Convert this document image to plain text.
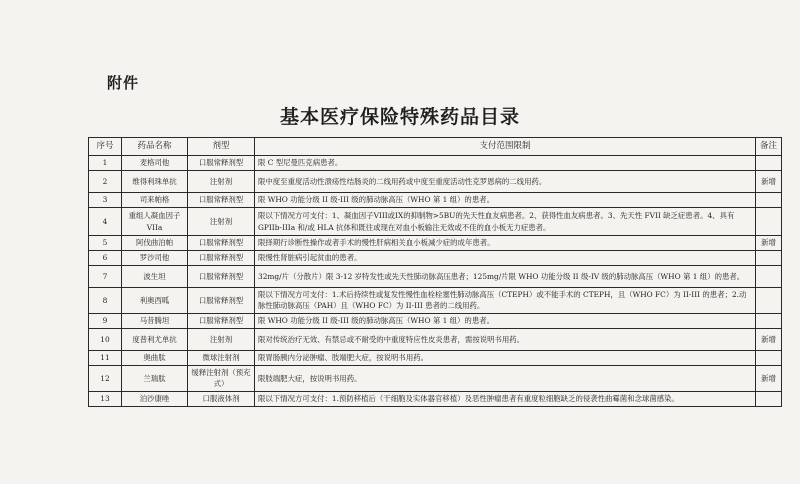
附件
基本医疗保险特殊药品目录
序号	药品名称	剂型	支付范围限制	备注
1	麦格司他	口服常释剂型	限 C 型尼曼匹克病患者。	
2	维得利珠单抗	注射剂	限中度至重度活动性溃疡性结肠炎的二线用药或中度至重度活动性克罗恩病的二线用药。	新增
3	司来帕格	口服常释剂型	限 WHO 功能分级 II 级-III 级的肺动脉高压（WHO 第 1 组）的患者。	
4	重组人凝血因子VIIa	注射剂	限以下情况方可支付：1、凝血因子VIII或IX的抑制物>5BU的先天性血友病患者。2、获得性血友病患者。3、先天性 FVII 缺乏症患者。4、具有 GPIIb-IIIa 和/或 HLA 抗体和既往或现在对血小板输注无效或不佳的血小板无力症患者。	
5	阿伐曲泊帕	口服常释剂型	限择期行诊断性操作或者手术的慢性肝病相关血小板减少症的成年患者。	新增
6	罗沙司他	口服常释剂型	限慢性肾脏病引起贫血的患者。	
7	波生坦	口服常释剂型	32mg/片（分散片）限 3-12 岁特发性或先天性肺动脉高压患者；125mg/片限 WHO 功能分级 II 级-IV 级的肺动脉高压（WHO 第 1 组）的患者。	
8	利奥西呱	口服常释剂型	限以下情况方可支付：1.术后持续性或复发性慢性血栓栓塞性肺动脉高压（CTEPH）或不能手术的 CTEPH，且（WHO FC）为 II-III 的患者；2.动脉性肺动脉高压（PAH）且（WHO FC）为 II-III 患者的二线用药。	
9	马昔腾坦	口服常释剂型	限 WHO 功能分级 II 级-III 级的肺动脉高压（WHO 第 1 组）的患者。	
10	度普利尤单抗	注射剂	限对传统治疗无效、有禁忌或不耐受的中重度特应性皮炎患者，需按说明书用药。	新增
11	奥曲肽	微球注射剂	限胃肠胰内分泌肿瘤、肢端肥大症，按说明书用药。	
12	兰瑞肽	缓释注射剂（预充式）	限肢端肥大症，按说明书用药。	新增
13	泊沙康唑	口服液体剂	限以下情况方可支付：1.预防移植后（干细胞及实体器官移植）及恶性肿瘤患者有重度粒细胞缺乏的侵袭性曲霉菌和念球菌感染。	
